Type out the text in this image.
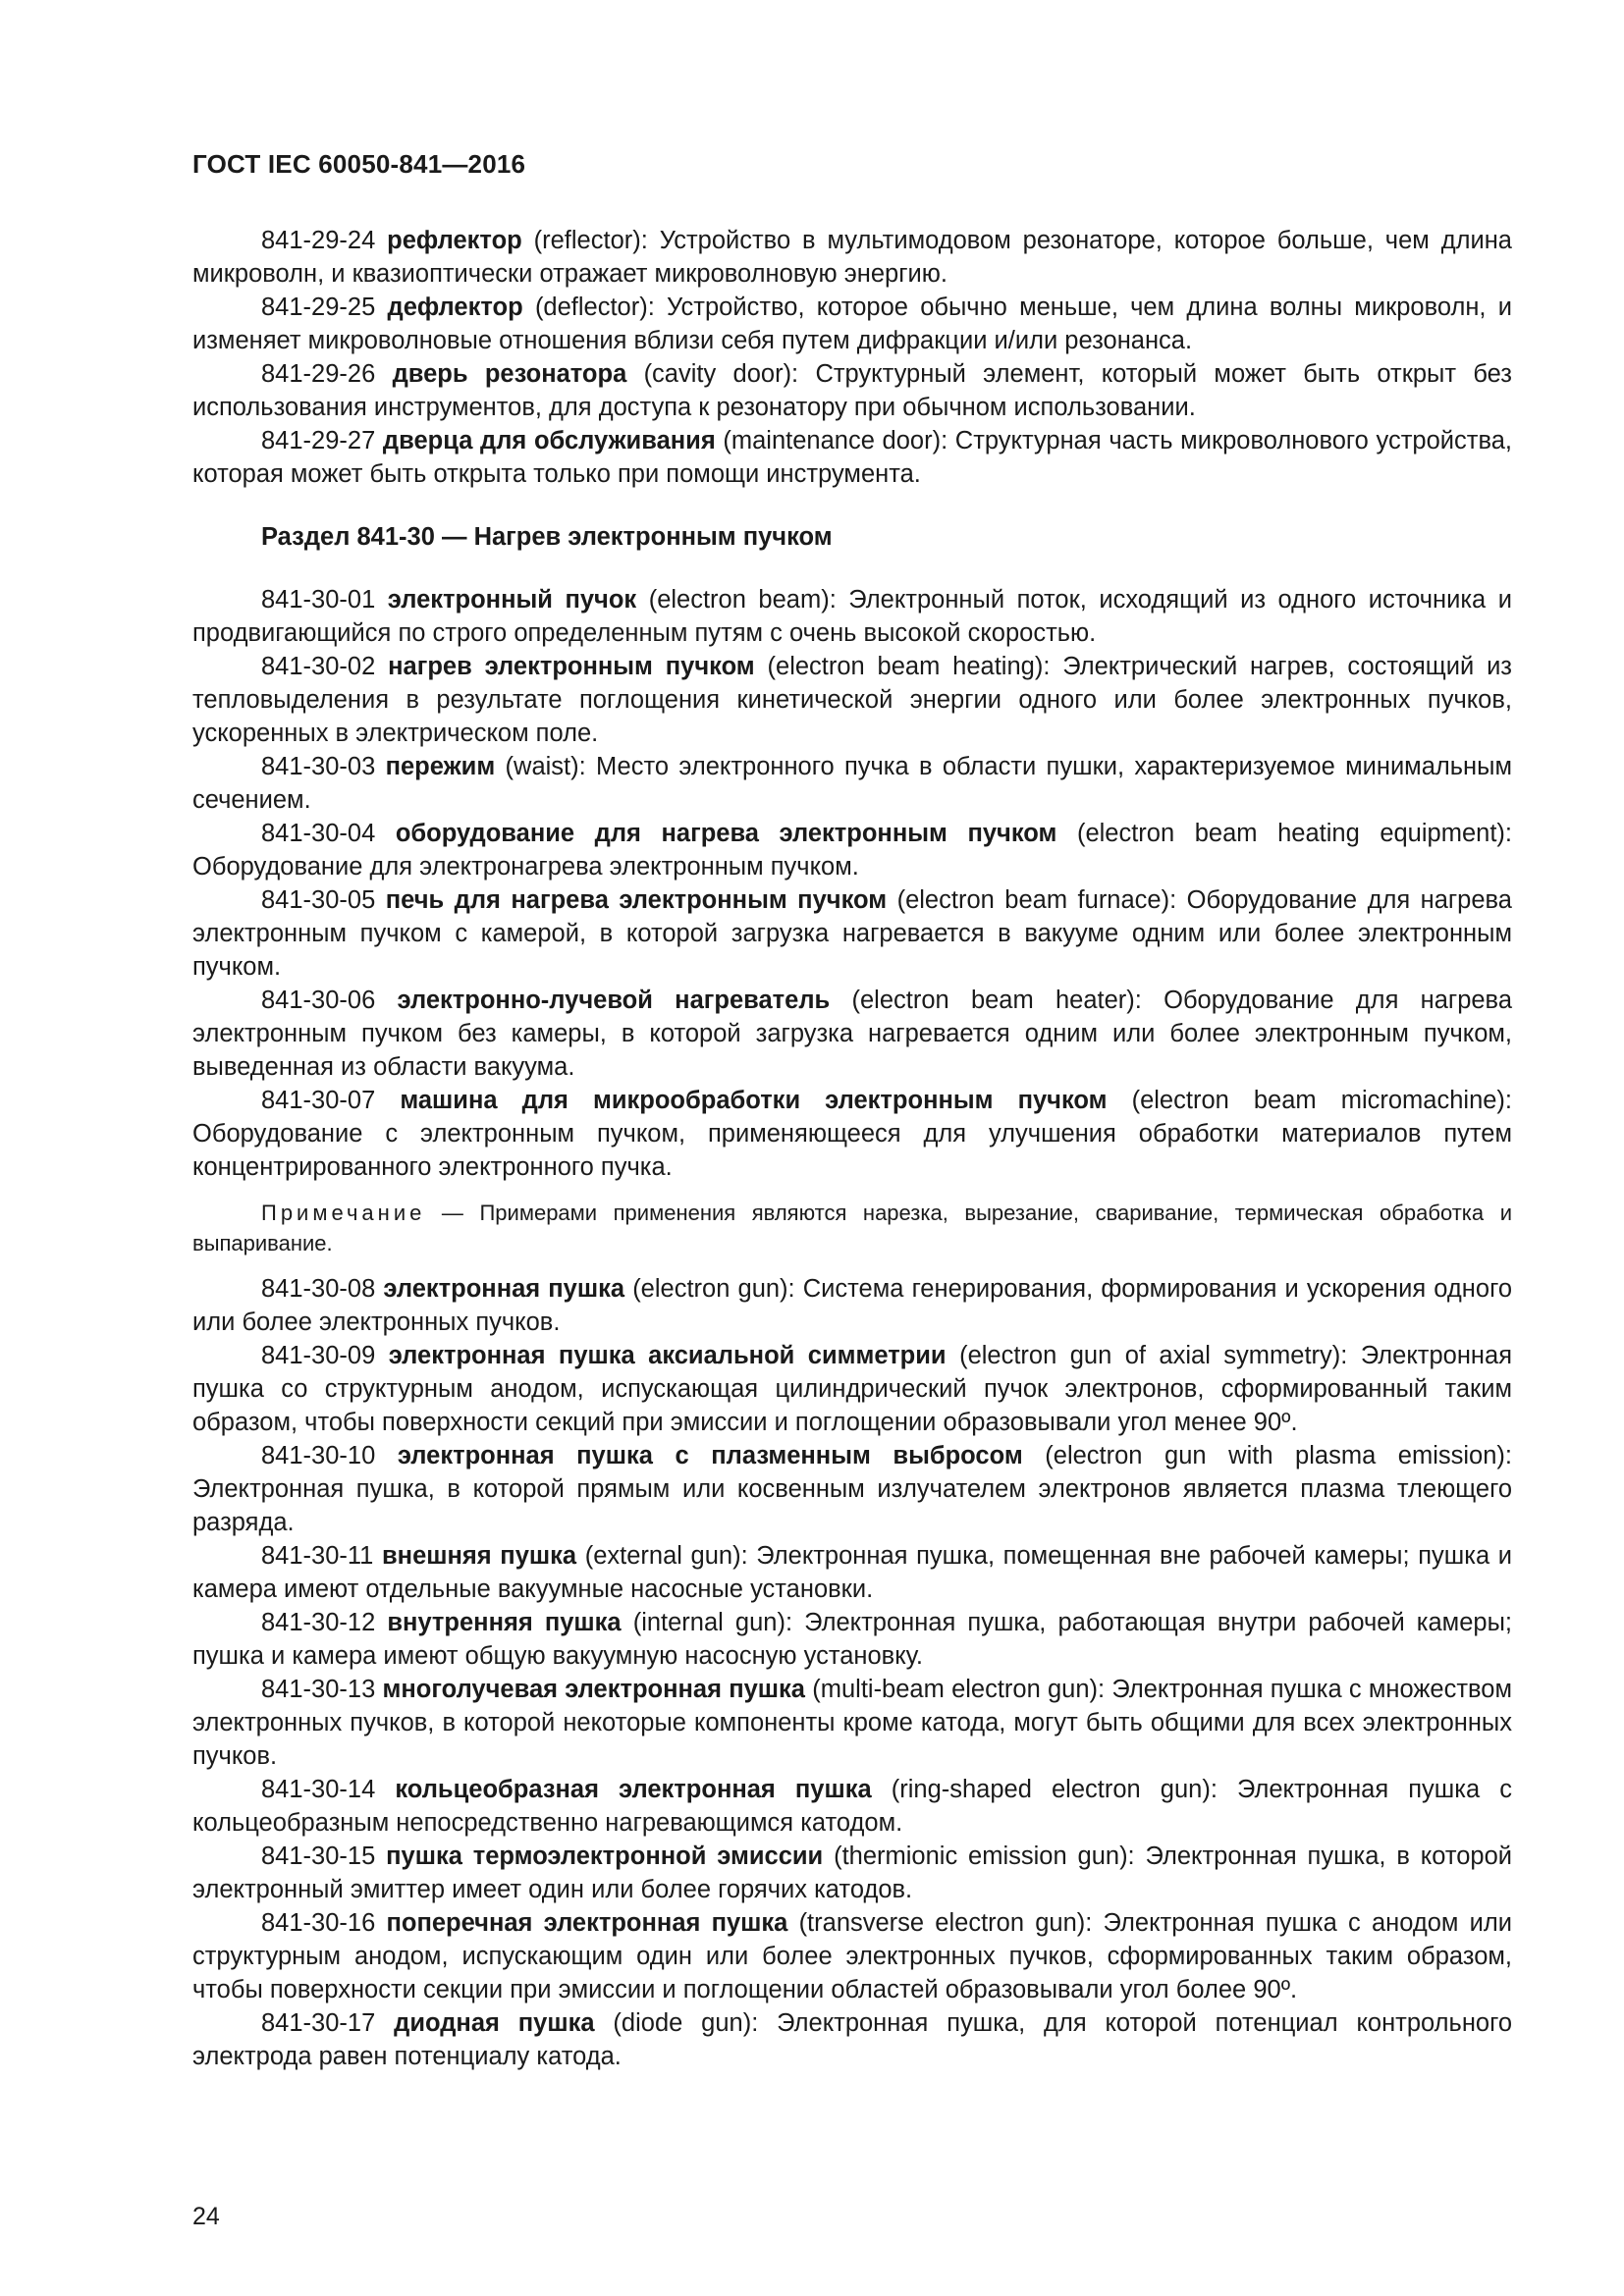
ГОСТ IEC 60050-841—2016

841-29-24 рефлектор (reflector): Устройство в мультимодовом резонаторе, которое больше, чем длина микроволн, и квазиоптически отражает микроволновую энергию.

841-29-25 дефлектор (deflector): Устройство, которое обычно меньше, чем длина волны микроволн, и изменяет микроволновые отношения вблизи себя путем дифракции и/или резонанса.

841-29-26 дверь резонатора (cavity door): Структурный элемент, который может быть открыт без использования инструментов, для доступа к резонатору при обычном использовании.

841-29-27 дверца для обслуживания (maintenance door): Структурная часть микроволнового устройства, которая может быть открыта только при помощи инструмента.

Раздел 841-30 — Нагрев электронным пучком

841-30-01 электронный пучок (electron beam): Электронный поток, исходящий из одного источника и продвигающийся по строго определенным путям с очень высокой скоростью.

841-30-02 нагрев электронным пучком (electron beam heating): Электрический нагрев, состоящий из тепловыделения в результате поглощения кинетической энергии одного или более электронных пучков, ускоренных в электрическом поле.

841-30-03 пережим (waist): Место электронного пучка в области пушки, характеризуемое минимальным сечением.

841-30-04 оборудование для нагрева электронным пучком (electron beam heating equipment): Оборудование для электронагрева электронным пучком.

841-30-05 печь для нагрева электронным пучком (electron beam furnace): Оборудование для нагрева электронным пучком с камерой, в которой загрузка нагревается в вакууме одним или более электронным пучком.

841-30-06 электронно-лучевой нагреватель (electron beam heater): Оборудование для нагрева электронным пучком без камеры, в которой загрузка нагревается одним или более электронным пучком, выведенная из области вакуума.

841-30-07 машина для микрообработки электронным пучком (electron beam micromachine): Оборудование с электронным пучком, применяющееся для улучшения обработки материалов путем концентрированного электронного пучка.

Примечание — Примерами применения являются нарезка, вырезание, сваривание, термическая обработка и выпаривание.

841-30-08 электронная пушка (electron gun): Система генерирования, формирования и ускорения одного или более электронных пучков.

841-30-09 электронная пушка аксиальной симметрии (electron gun of axial symmetry): Электронная пушка со структурным анодом, испускающая цилиндрический пучок электронов, сформированный таким образом, чтобы поверхности секций при эмиссии и поглощении образовывали угол менее 90º.

841-30-10 электронная пушка с плазменным выбросом (electron gun with plasma emission): Электронная пушка, в которой прямым или косвенным излучателем электронов является плазма тлеющего разряда.

841-30-11 внешняя пушка (external gun): Электронная пушка, помещенная вне рабочей камеры; пушка и камера имеют отдельные вакуумные насосные установки.

841-30-12 внутренняя пушка (internal gun): Электронная пушка, работающая внутри рабочей камеры; пушка и камера имеют общую вакуумную насосную установку.

841-30-13 многолучевая электронная пушка (multi-beam electron gun): Электронная пушка с множеством электронных пучков, в которой некоторые компоненты кроме катода, могут быть общими для всех электронных пучков.

841-30-14 кольцеобразная электронная пушка (ring-shaped electron gun): Электронная пушка с кольцеобразным непосредственно нагревающимся катодом.

841-30-15 пушка термоэлектронной эмиссии (thermionic emission gun): Электронная пушка, в которой электронный эмиттер имеет один или более горячих катодов.

841-30-16 поперечная электронная пушка (transverse electron gun): Электронная пушка с анодом или структурным анодом, испускающим один или более электронных пучков, сформированных таким образом, чтобы поверхности секции при эмиссии и поглощении областей образовывали угол более 90º.

841-30-17 диодная пушка (diode gun): Электронная пушка, для которой потенциал контрольного электрода равен потенциалу катода.

24
